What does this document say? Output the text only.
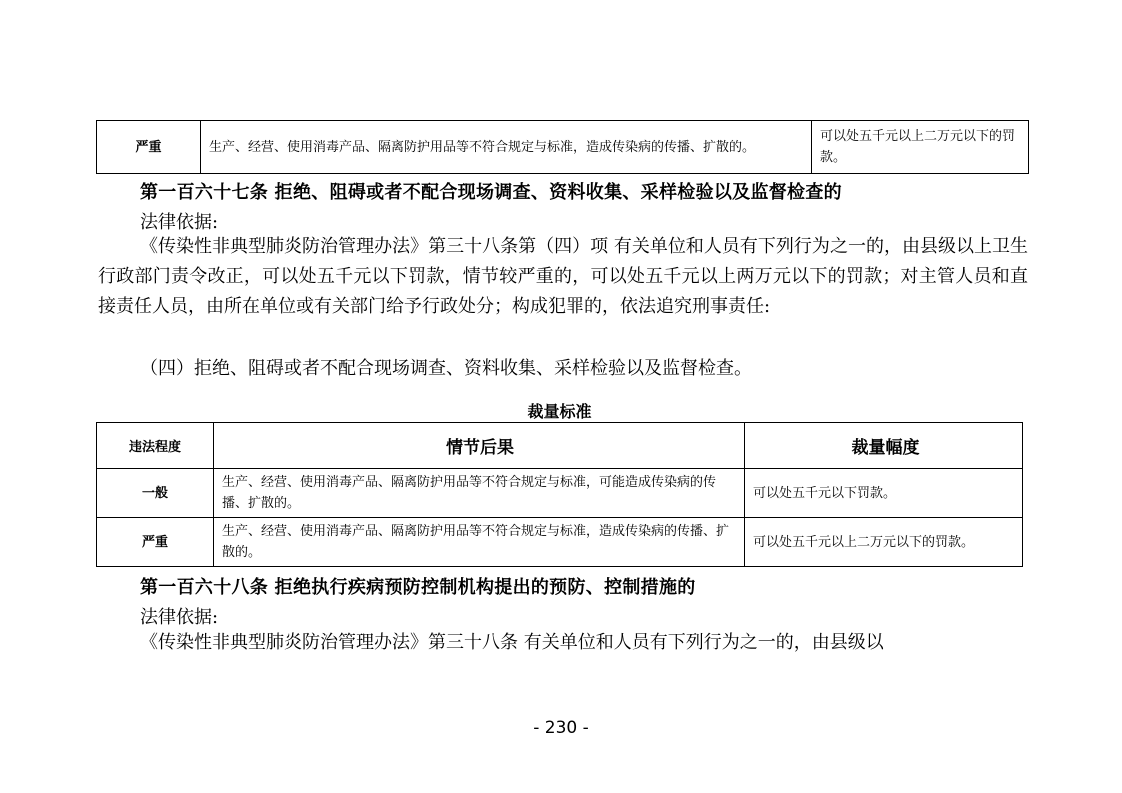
严重	生产、经营、使用消毒产品、隔离防护用品等不符合规定与标准，造成传染病的传播、扩散的。	可以处五千元以上二万元以下的罚款。
第一百六十七条 拒绝、阻碍或者不配合现场调查、资料收集、采样检验以及监督检查的
法律依据:
《传染性非典型肺炎防治管理办法》第三十八条第（四）项 有关单位和人员有下列行为之一的，由县级以上卫生行政部门责令改正，可以处五千元以下罚款，情节较严重的，可以处五千元以上两万元以下的罚款；对主管人员和直接责任人员，由所在单位或有关部门给予行政处分；构成犯罪的，依法追究刑事责任:
（四）拒绝、阻碍或者不配合现场调查、资料收集、采样检验以及监督检查。
裁量标准
违法程度	情节后果	裁量幅度
一般	生产、经营、使用消毒产品、隔离防护用品等不符合规定与标准，可能造成传染病的传播、扩散的。	可以处五千元以下罚款。
严重	生产、经营、使用消毒产品、隔离防护用品等不符合规定与标准，造成传染病的传播、扩散的。	可以处五千元以上二万元以下的罚款。
第一百六十八条 拒绝执行疾病预防控制机构提出的预防、控制措施的
法律依据:
《传染性非典型肺炎防治管理办法》第三十八条 有关单位和人员有下列行为之一的，由县级以
- 230 -
